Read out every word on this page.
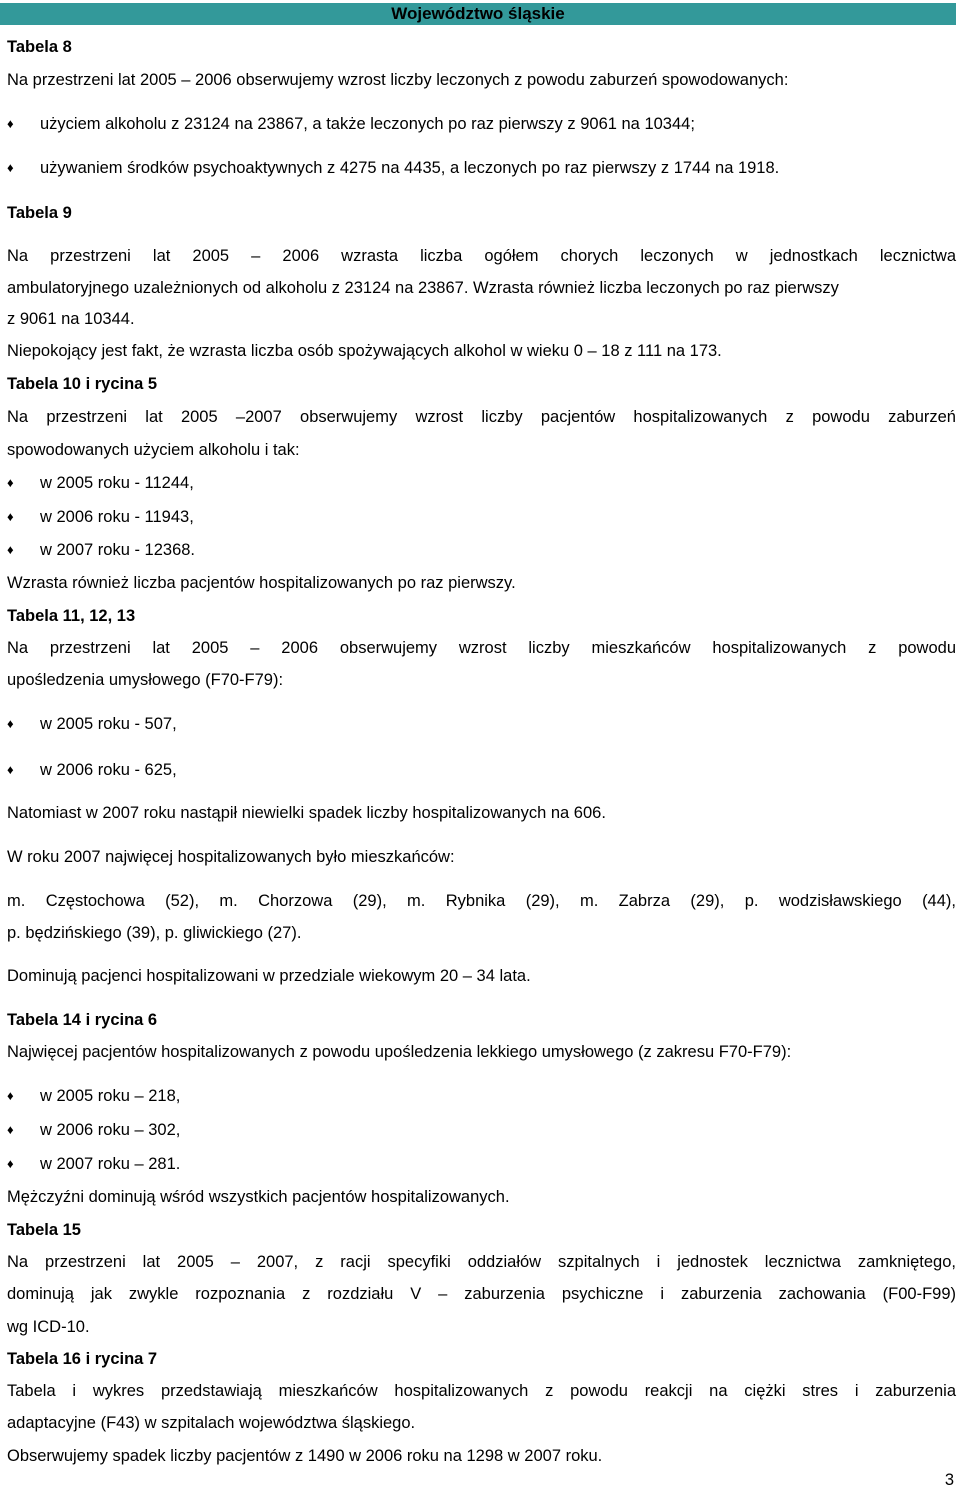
Województwo śląskie
Tabela 8
Na przestrzeni lat 2005 – 2006 obserwujemy wzrost liczby leczonych z powodu zaburzeń spowodowanych:
♦ użyciem alkoholu z 23124 na 23867, a także leczonych po raz pierwszy z 9061 na 10344;
♦ używaniem środków psychoaktywnych z 4275 na 4435, a leczonych po raz pierwszy z 1744 na 1918.
Tabela 9
Na przestrzeni lat 2005 – 2006 wzrasta liczba ogółem chorych leczonych w jednostkach lecznictwa
ambulatoryjnego uzależnionych od alkoholu z 23124 na 23867. Wzrasta również liczba leczonych po raz pierwszy
z 9061 na 10344.
Niepokojący jest fakt, że wzrasta liczba osób spożywających alkohol w wieku 0 – 18 z 111 na 173.
Tabela 10 i rycina 5
Na przestrzeni lat 2005 –2007 obserwujemy wzrost liczby pacjentów hospitalizowanych z powodu zaburzeń
spowodowanych użyciem alkoholu i tak:
♦ w 2005 roku - 11244,
♦ w 2006 roku - 11943,
♦ w 2007 roku - 12368.
Wzrasta również liczba pacjentów hospitalizowanych po raz pierwszy.
Tabela 11, 12, 13
Na przestrzeni lat 2005 – 2006 obserwujemy wzrost liczby mieszkańców hospitalizowanych z powodu
upośledzenia umysłowego (F70-F79):
♦ w 2005 roku - 507,
♦ w 2006 roku - 625,
Natomiast w 2007 roku nastąpił niewielki spadek liczby hospitalizowanych na 606.
W roku 2007 najwięcej hospitalizowanych było mieszkańców:
m. Częstochowa (52), m. Chorzowa (29), m. Rybnika (29), m. Zabrza (29), p. wodzisławskiego (44),
p. będzińskiego (39), p. gliwickiego (27).
Dominują pacjenci hospitalizowani w przedziale wiekowym 20 – 34 lata.
Tabela 14 i rycina 6
Najwięcej pacjentów hospitalizowanych z powodu upośledzenia lekkiego umysłowego (z zakresu F70-F79):
♦ w 2005 roku – 218,
♦ w 2006 roku – 302,
♦ w 2007 roku – 281.
Mężczyźni dominują wśród wszystkich pacjentów hospitalizowanych.
Tabela 15
Na przestrzeni lat 2005 – 2007, z racji specyfiki oddziałów szpitalnych i jednostek lecznictwa zamkniętego,
dominują jak zwykle rozpoznania z rozdziału V – zaburzenia psychiczne i zaburzenia zachowania (F00-F99)
wg ICD-10.
Tabela 16 i rycina 7
Tabela i wykres przedstawiają mieszkańców hospitalizowanych z powodu reakcji na ciężki stres i zaburzenia
adaptacyjne (F43) w szpitalach województwa śląskiego.
Obserwujemy spadek liczby pacjentów z 1490 w 2006 roku na 1298 w 2007 roku.
3
